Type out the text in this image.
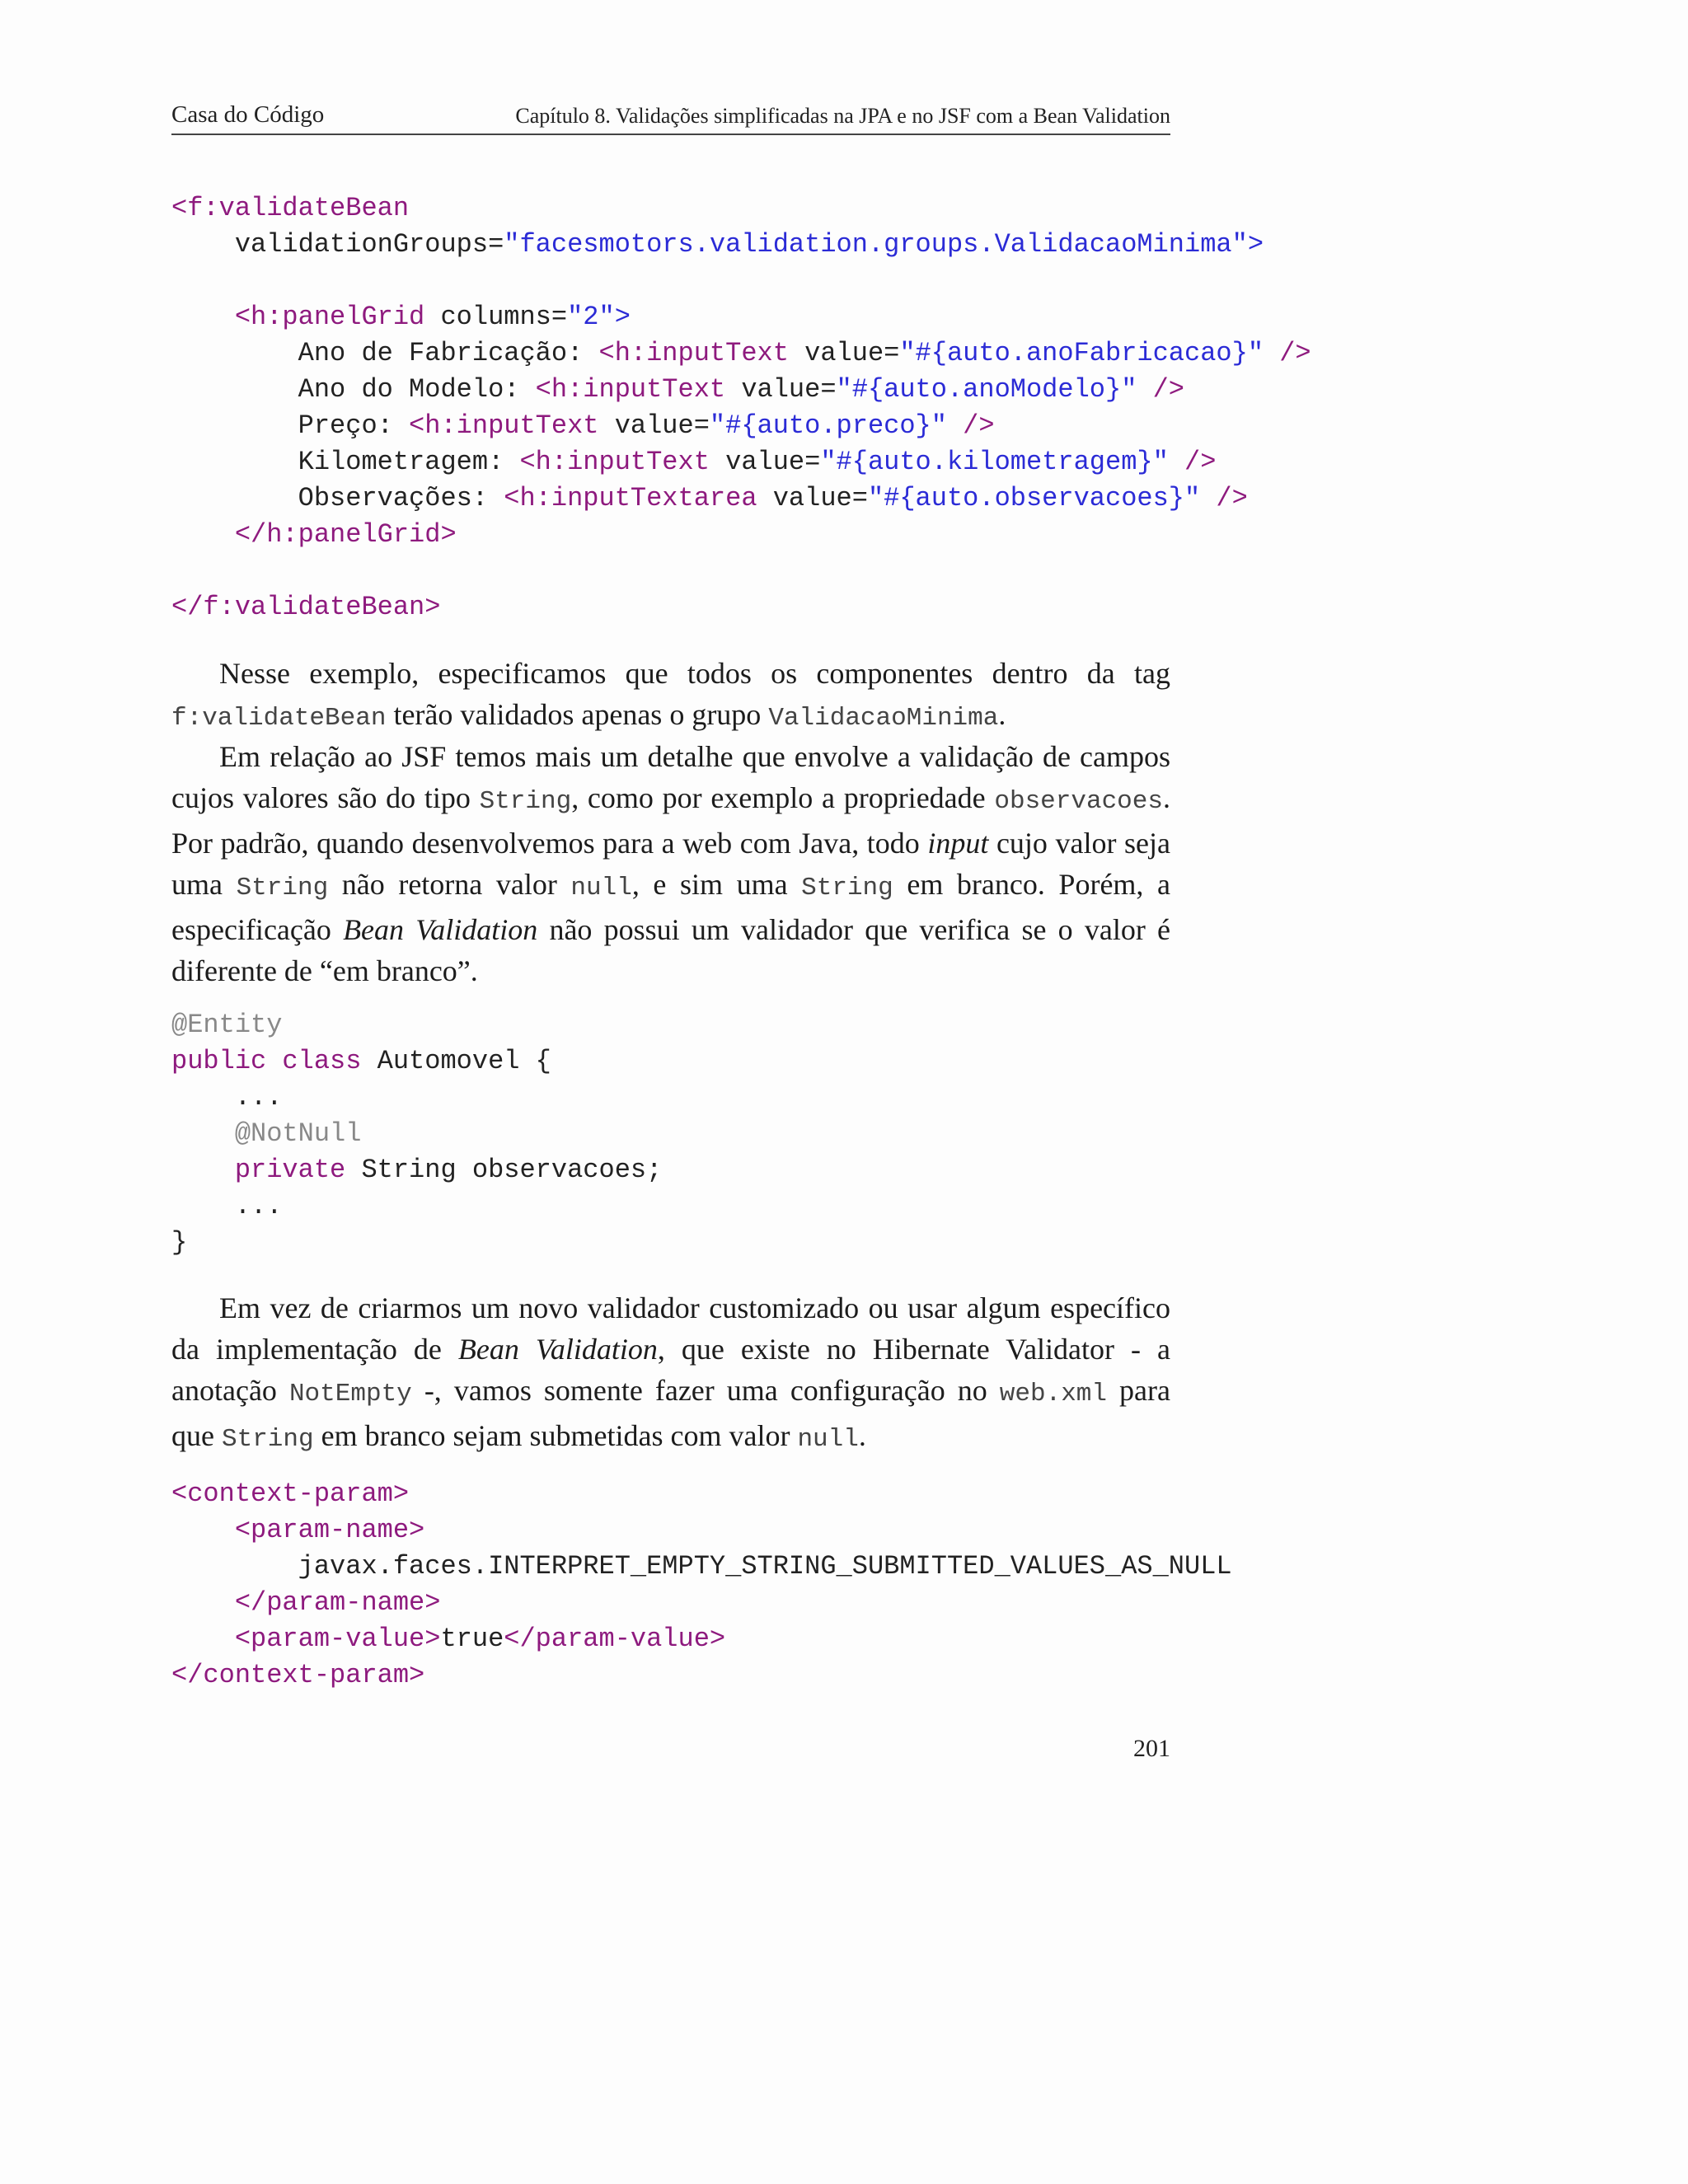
Casa do Código	Capítulo 8. Validações simplificadas na JPA e no JSF com a Bean Validation
<f:validateBean
validationGroups="facesmotors.validation.groups.ValidacaoMinima">

<h:panelGrid columns="2">
Ano de Fabricação: <h:inputText value="#{auto.anoFabricacao}" />
Ano do Modelo: <h:inputText value="#{auto.anoModelo}" />
Preço: <h:inputText value="#{auto.preco}" />
Kilometragem: <h:inputText value="#{auto.kilometragem}" />
Observações: <h:inputTextarea value="#{auto.observacoes}" />
</h:panelGrid>

</f:validateBean>

Nesse exemplo, especificamos que todos os componentes dentro da tag f:validateBean terão validados apenas o grupo ValidacaoMinima.

Em relação ao JSF temos mais um detalhe que envolve a validação de campos cujos valores são do tipo String, como por exemplo a propriedade observacoes. Por padrão, quando desenvolvemos para a web com Java, todo input cujo valor seja uma String não retorna valor null, e sim uma String em branco. Porém, a especificação Bean Validation não possui um validador que verifica se o valor é diferente de “em branco”.

@Entity
public class Automovel {
...
@NotNull
private String observacoes;
...
}

Em vez de criarmos um novo validador customizado ou usar algum específico da implementação de Bean Validation, que existe no Hibernate Validator - a anotação NotEmpty -, vamos somente fazer uma configuração no web.xml para que String em branco sejam submetidas com valor null.

<context-param>
<param-name>
javax.faces.INTERPRET_EMPTY_STRING_SUBMITTED_VALUES_AS_NULL
</param-name>
<param-value>true</param-value>
</context-param>
201
